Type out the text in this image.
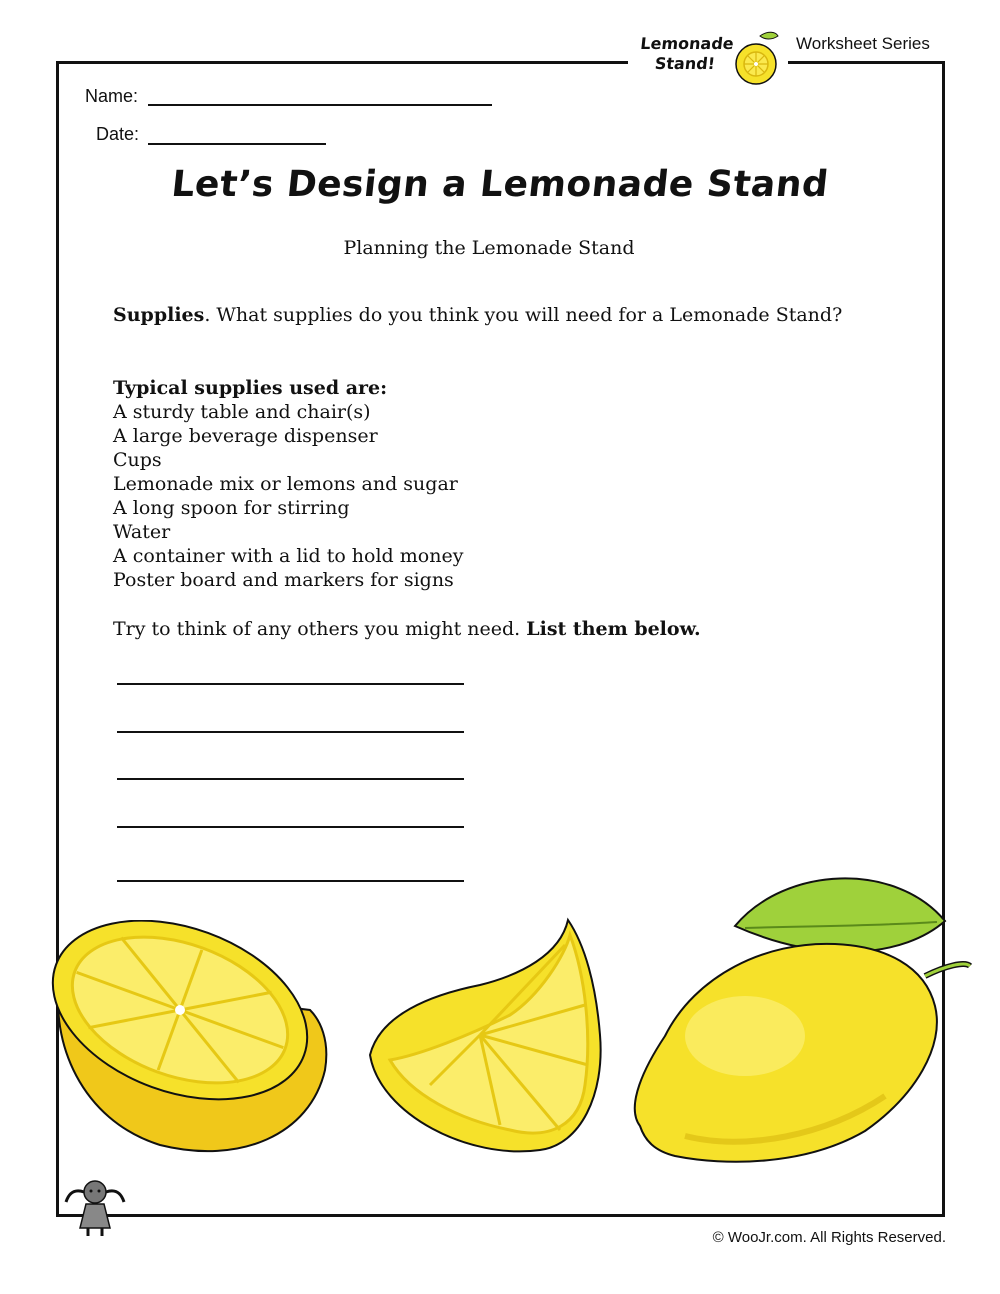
Lemonade
Stand!
Worksheet Series
Name:
Date:
Let’s Design a Lemonade Stand
Planning the Lemonade Stand
Supplies. What supplies do you think you will need for a Lemonade Stand?
Typical supplies used are:
A sturdy table and chair(s)
A large beverage dispenser
Cups
Lemonade mix or lemons and sugar
A long spoon for stirring
Water
A container with a lid to hold money
Poster board and markers for signs
Try to think of any others you might need. List them below.
© WooJr.com. All Rights Reserved.
